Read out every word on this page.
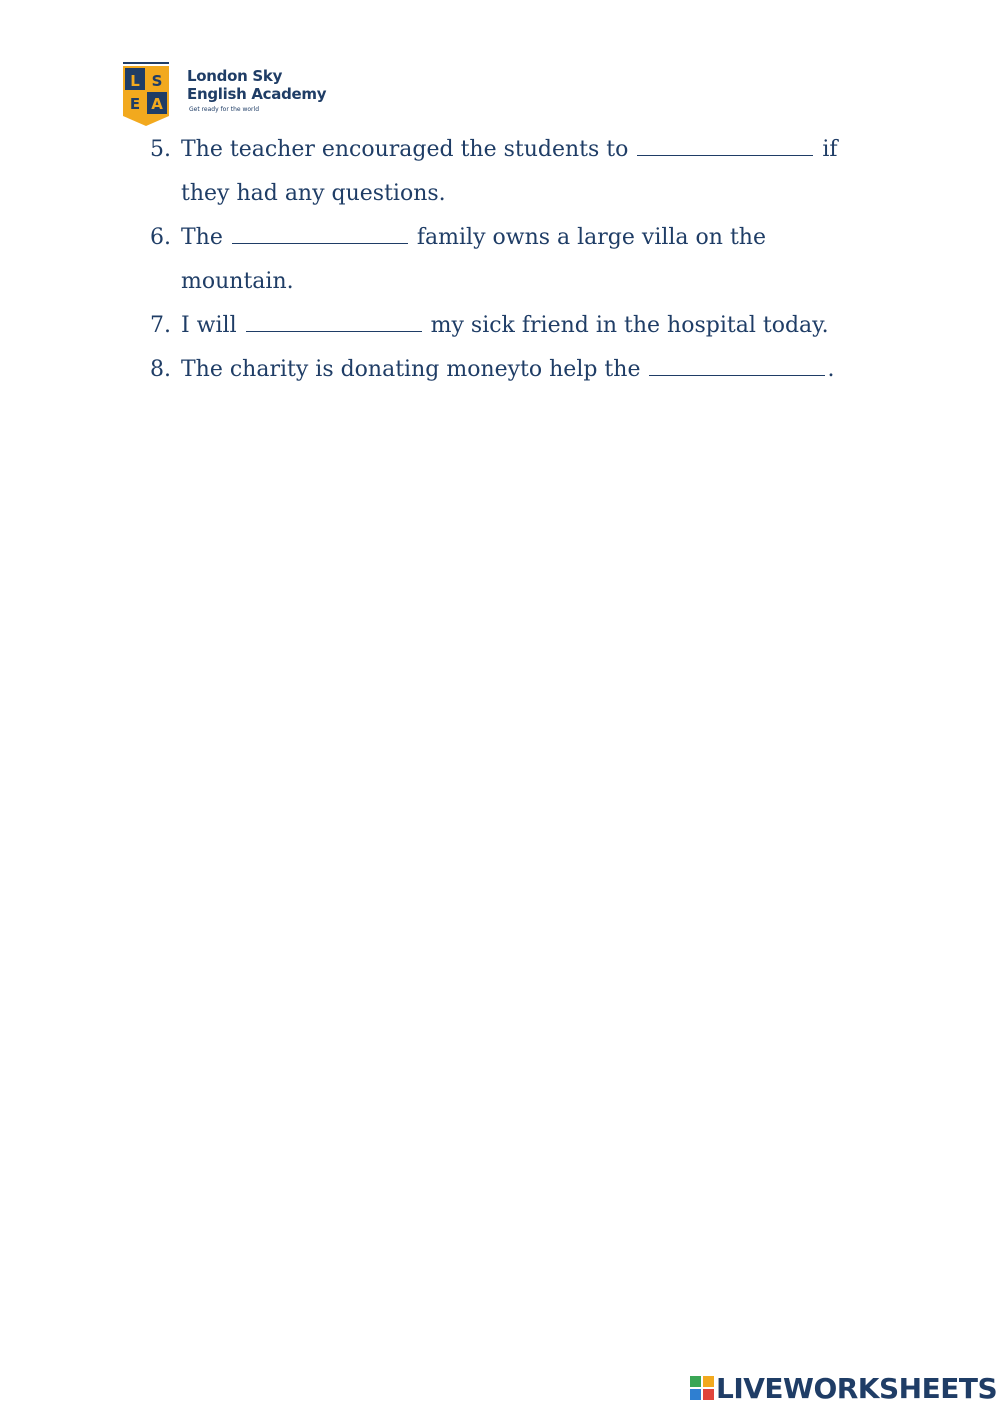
L S
E A
London Sky
English Academy
Get ready for the world
5. The teacher encouraged the students to	if they had any questions.
6. The	family owns a large villa on the mountain.
7. I will	my sick friend in the hospital today.
8. The charity is donating moneyto help the	.
LIVEWORKSHEETS
